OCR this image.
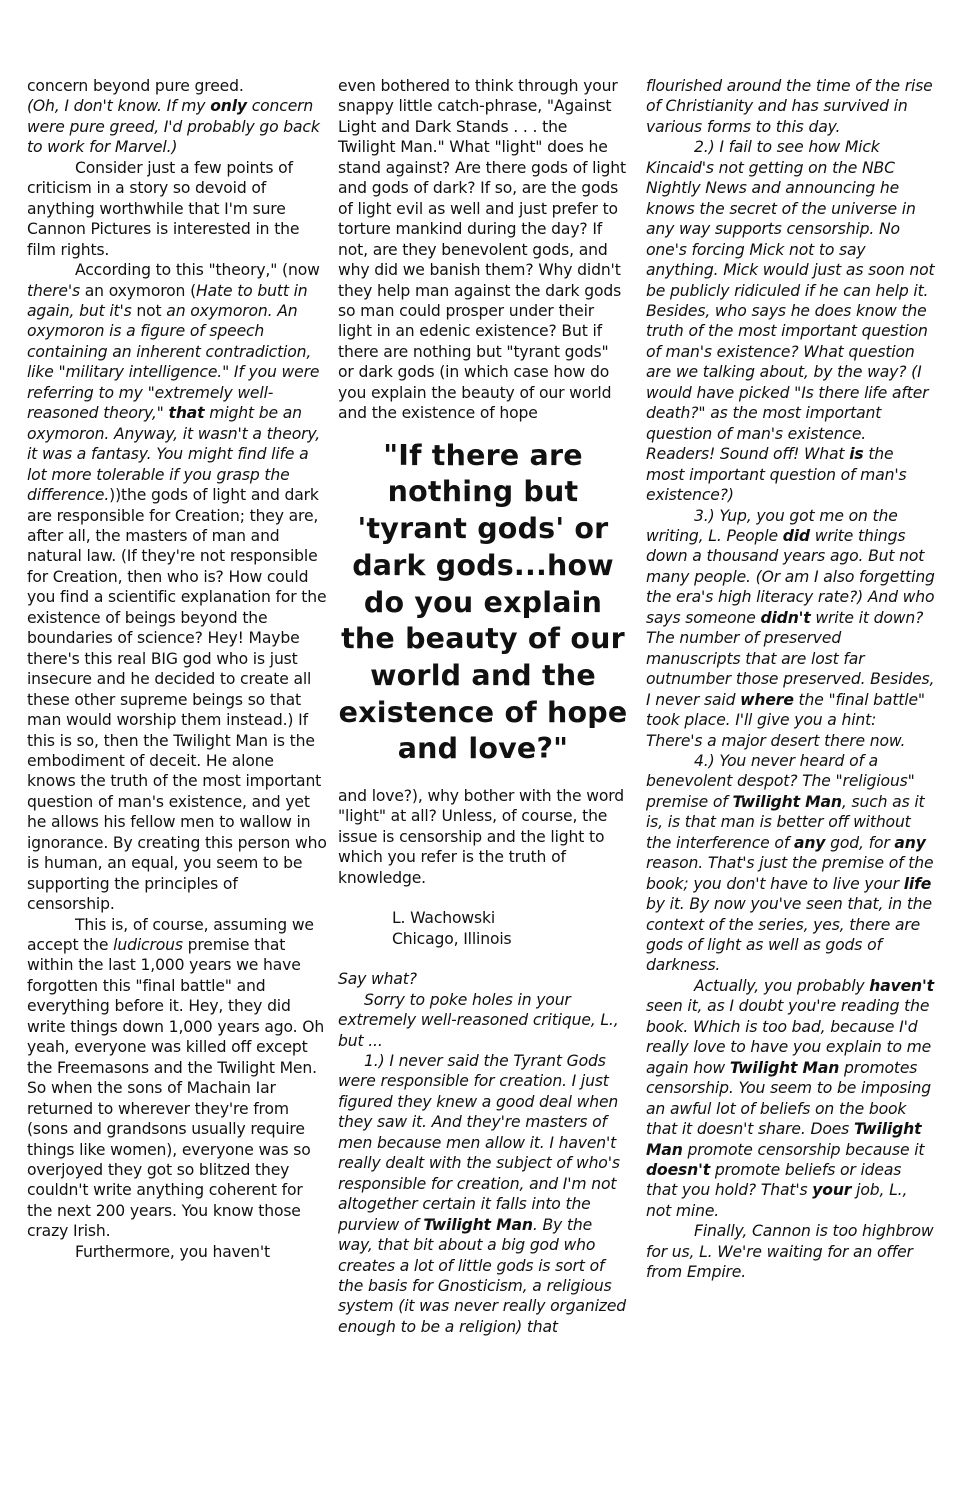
concern beyond pure greed.

(Oh, I don't know. If my only concern were pure greed, I'd probably go back to work for Marvel.)

Consider just a few points of criticism in a story so devoid of anything worthwhile that I'm sure Cannon Pictures is interested in the film rights.

According to this "theory," (now there's an oxymoron (Hate to butt in again, but it's not an oxymoron. An oxymoron is a figure of speech containing an inherent contradiction, like "military intelligence." If you were referring to my "extremely well-reasoned theory," that might be an oxymoron. Anyway, it wasn't a theory, it was a fantasy. You might find life a lot more tolerable if you grasp the difference.))the gods of light and dark are responsible for Creation; they are, after all, the masters of man and natural law. (If they're not responsible for Creation, then who is? How could you find a scientific explanation for the existence of beings beyond the boundaries of science? Hey! Maybe there's this real BIG god who is just insecure and he decided to create all these other supreme beings so that man would worship them instead.) If this is so, then the Twilight Man is the embodiment of deceit. He alone knows the truth of the most important question of man's existence, and yet he allows his fellow men to wallow in ignorance. By creating this person who is human, an equal, you seem to be supporting the principles of censorship.

This is, of course, assuming we accept the ludicrous premise that within the last 1,000 years we have forgotten this "final battle" and everything before it. Hey, they did write things down 1,000 years ago. Oh yeah, everyone was killed off except the Freemasons and the Twilight Men. So when the sons of Machain Iar returned to wherever they're from (sons and grandsons usually require things like women), everyone was so overjoyed they got so blitzed they couldn't write anything coherent for the next 200 years. You know those crazy Irish.

Furthermore, you haven't

even bothered to think through your snappy little catch-phrase, "Against Light and Dark Stands . . . the Twilight Man." What "light" does he stand against? Are there gods of light and gods of dark? If so, are the gods of light evil as well and just prefer to torture mankind during the day? If not, are they benevolent gods, and why did we banish them? Why didn't they help man against the dark gods so man could prosper under their light in an edenic existence? But if there are nothing but "tyrant gods" or dark gods (in which case how do you explain the beauty of our world and the existence of hope

"If there are nothing but 'tyrant gods' or dark gods...how do you explain the beauty of our world and the existence of hope and love?"

and love?), why bother with the word "light" at all? Unless, of course, the issue is censorship and the light to which you refer is the truth of knowledge.

L. Wachowski

Chicago, Illinois

Say what?

Sorry to poke holes in your extremely well-reasoned critique, L., but ...

1.) I never said the Tyrant Gods were responsible for creation. I just figured they knew a good deal when they saw it. And they're masters of men because men allow it. I haven't really dealt with the subject of who's responsible for creation, and I'm not altogether certain it falls into the purview of Twilight Man. By the way, that bit about a big god who creates a lot of little gods is sort of the basis for Gnosticism, a religious system (it was never really organized enough to be a religion) that

flourished around the time of the rise of Christianity and has survived in various forms to this day.

2.) I fail to see how Mick Kincaid's not getting on the NBC Nightly News and announcing he knows the secret of the universe in any way supports censorship. No one's forcing Mick not to say anything. Mick would just as soon not be publicly ridiculed if he can help it. Besides, who says he does know the truth of the most important question of man's existence? What question are we talking about, by the way? (I would have picked "Is there life after death?" as the most important question of man's existence. Readers! Sound off! What is the most important question of man's existence?)

3.) Yup, you got me on the writing, L. People did write things down a thousand years ago. But not many people. (Or am I also forgetting the era's high literacy rate?) And who says someone didn't write it down? The number of preserved manuscripts that are lost far outnumber those preserved. Besides, I never said where the "final battle" took place. I'll give you a hint: There's a major desert there now.

4.) You never heard of a benevolent despot? The "religious" premise of Twilight Man, such as it is, is that man is better off without the interference of any god, for any reason. That's just the premise of the book; you don't have to live your life by it. By now you've seen that, in the context of the series, yes, there are gods of light as well as gods of darkness.

Actually, you probably haven't seen it, as I doubt you're reading the book. Which is too bad, because I'd really love to have you explain to me again how Twilight Man promotes censorship. You seem to be imposing an awful lot of beliefs on the book that it doesn't share. Does Twilight Man promote censorship because it doesn't promote beliefs or ideas that you hold? That's your job, L., not mine.

Finally, Cannon is too highbrow for us, L. We're waiting for an offer from Empire.
